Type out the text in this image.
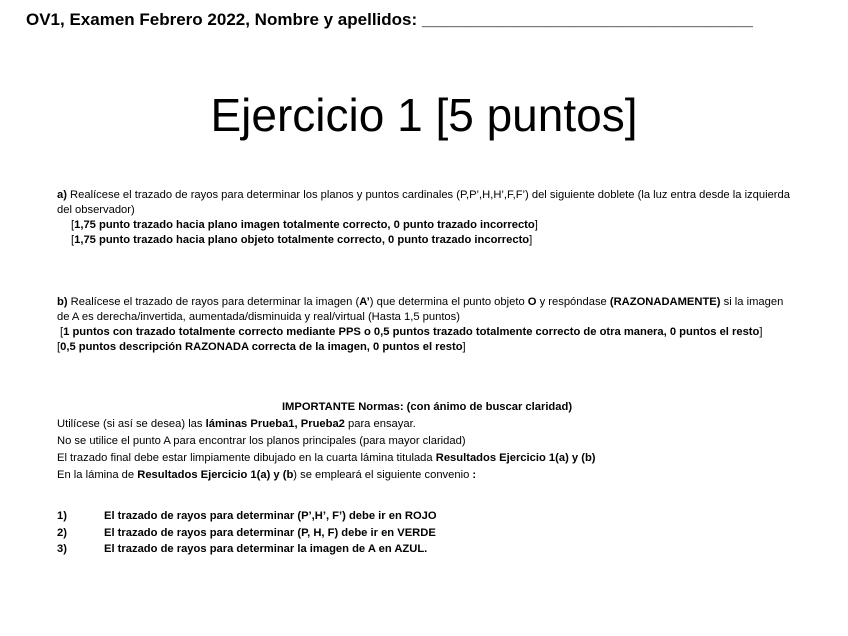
OV1, Examen Febrero 2022, Nombre y apellidos: ___________________________________
Ejercicio 1 [5 puntos]

a) Realícese el trazado de rayos para determinar los planos y puntos cardinales (P,P’,H,H’,F,F’) del siguiente doblete (la luz entra desde la izquierda del observador)

[1,75 punto trazado hacia plano imagen totalmente correcto, 0 punto trazado incorrecto]

[1,75 punto trazado hacia plano objeto totalmente correcto, 0 punto trazado incorrecto]

b) Realícese el trazado de rayos para determinar la imagen (A’) que determina el punto objeto O y respóndase (RAZONADAMENTE) si la imagen de A es derecha/invertida, aumentada/disminuida y real/virtual (Hasta 1,5 puntos)

[1 puntos con trazado totalmente correcto mediante PPS o 0,5 puntos trazado totalmente correcto de otra manera, 0 puntos el resto]

[0,5 puntos descripción RAZONADA correcta de la imagen, 0 puntos el resto]

IMPORTANTE Normas: (con ánimo de buscar claridad)

Utilícese (si así se desea) las láminas Prueba1, Prueba2 para ensayar.

No se utilice el punto A para encontrar los planos principales (para mayor claridad)

El trazado final debe estar limpiamente dibujado en la cuarta lámina titulada Resultados Ejercicio 1(a) y (b)

En la lámina de Resultados Ejercicio 1(a) y (b) se empleará el siguiente convenio :

1)	El trazado de rayos para determinar (P’,H’, F’) debe ir en ROJO
2)	El trazado de rayos para determinar (P, H, F) debe ir en VERDE
3)	El trazado de rayos para determinar la imagen de A en AZUL.
